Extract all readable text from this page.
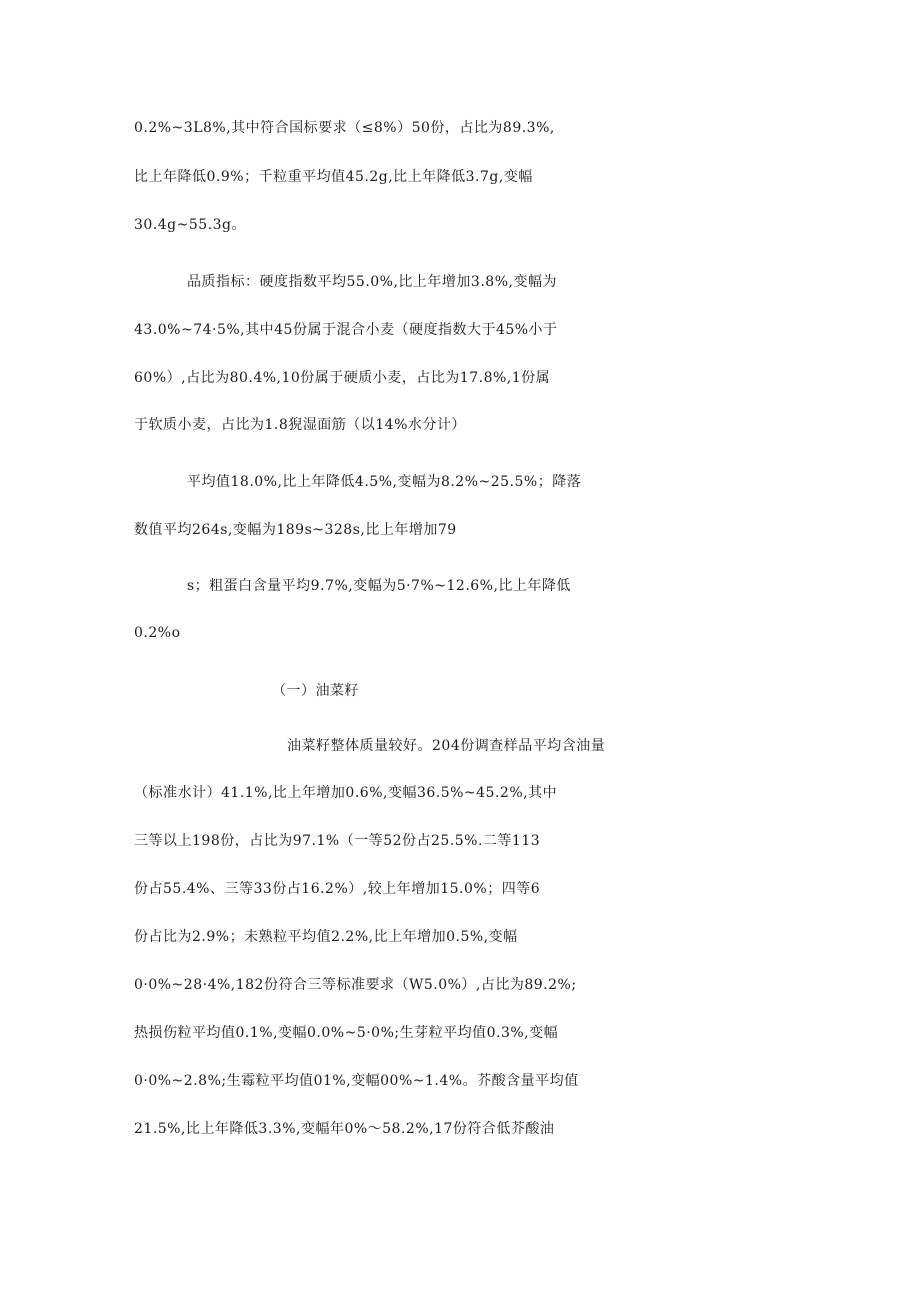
0.2%~3L8%,其中符合国标要求（≤8%）50份，占比为89.3%,
比上年降低0.9%；千粒重平均值45.2g,比上年降低3.7g,变幅
30.4g~55.3g。
品质指标：硬度指数平均55.0%,比上年增加3.8%,变幅为
43.0%~74·5%,其中45份属于混合小麦（硬度指数大于45%小于
60%）,占比为80.4%,10份属于硬质小麦，占比为17.8%,1份属
于软质小麦，占比为1.8猊湿面筋（以14%水分计）
平均值18.0%,比上年降低4.5%,变幅为8.2%~25.5%；降落
数值平均264s,变幅为189s~328s,比上年增加79
s；粗蛋白含量平均9.7%,变幅为5·7%~12.6%,比上年降低
0.2%o
（一）油菜籽
油菜籽整体质量较好。204份调查样品平均含油量
（标准水计）41.1%,比上年增加0.6%,变幅36.5%~45.2%,其中
三等以上198份，占比为97.1%（一等52份占25.5%.二等113
份占55.4%、三等33份占16.2%）,较上年增加15.0%；四等6
份占比为2.9%；未熟粒平均值2.2%,比上年增加0.5%,变幅
0·0%~28·4%,182份符合三等标准要求（W5.0%）,占比为89.2%;
热损伤粒平均值0.1%,变幅0.0%~5·0%;生芽粒平均值0.3%,变幅
0·0%~2.8%;生霉粒平均值01%,变幅00%~1.4%。芥酸含量平均值
21.5%,比上年降低3.3%,变幅年0%～58.2%,17份符合低芥酸油
